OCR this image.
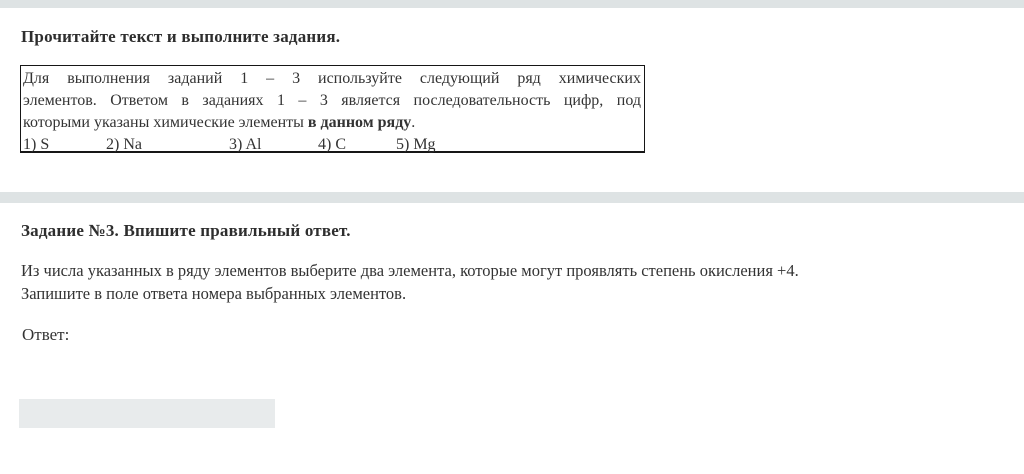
Прочитайте текст и выполните задания.
Для выполнения заданий 1 – 3 используйте следующий ряд химических
элементов. Ответом в заданиях 1 – 3 является последовательность цифр, под
которыми указаны химические элементы в данном ряду.
1) S	2) Na	3) Al	4) C	5) Mg
Задание №3. Впишите правильный ответ.
Из числа указанных в ряду элементов выберите два элемента, которые могут проявлять степень окисления +4.
Запишите в поле ответа номера выбранных элементов.
Ответ:
